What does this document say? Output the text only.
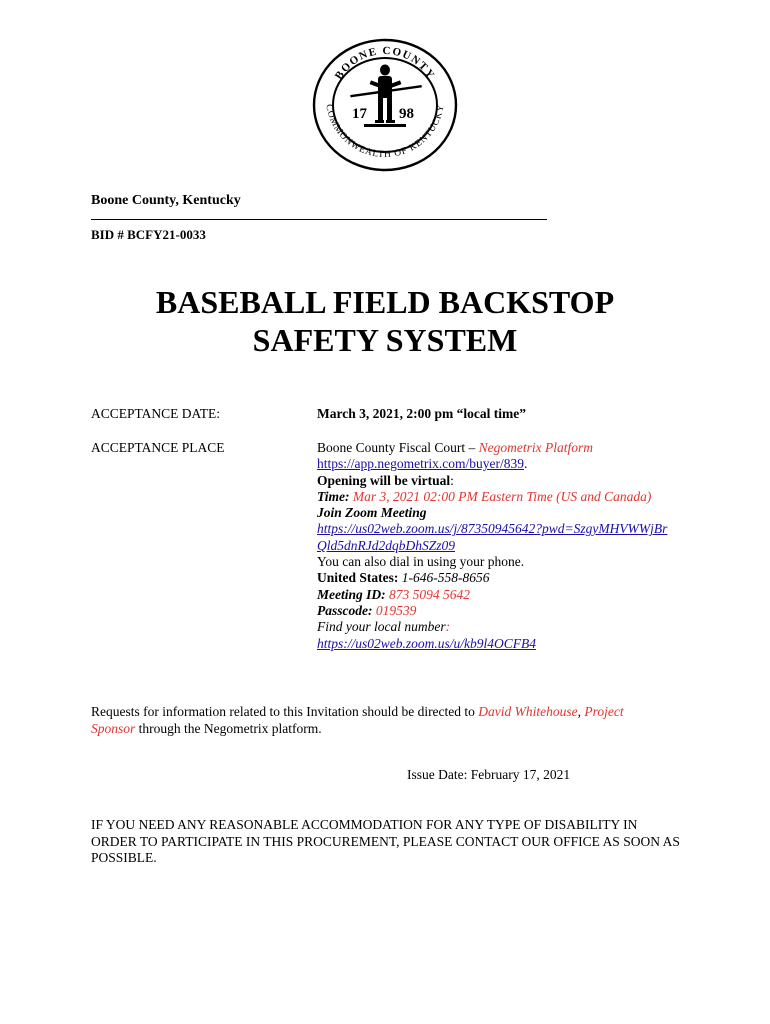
BOONE COUNTY
COMMONWEALTH OF KENTUCKY
17 98
Boone County, Kentucky
BID # BCFY21-0033
BASEBALL FIELD BACKSTOP
SAFETY SYSTEM
ACCEPTANCE DATE:	March 3, 2021, 2:00 pm “local time”
ACCEPTANCE PLACE	Boone County Fiscal Court – Negometrix Platform
https://app.negometrix.com/buyer/839.
Opening will be virtual:
Time: Mar 3, 2021 02:00 PM Eastern Time (US and Canada)
Join Zoom Meeting
https://us02web.zoom.us/j/87350945642?pwd=SzgyMHVWWjBr
Qld5dnRJd2dqbDhSZz09
You can also dial in using your phone.
United States: 1-646-558-8656
Meeting ID: 873 5094 5642
Passcode: 019539
Find your local number:
https://us02web.zoom.us/u/kb9l4OCFB4
Requests for information related to this Invitation should be directed to David Whitehouse, Project Sponsor through the Negometrix platform.
Issue Date: February 17, 2021
IF YOU NEED ANY REASONABLE ACCOMMODATION FOR ANY TYPE OF DISABILITY IN ORDER TO PARTICIPATE IN THIS PROCUREMENT, PLEASE CONTACT OUR OFFICE AS SOON AS POSSIBLE.
